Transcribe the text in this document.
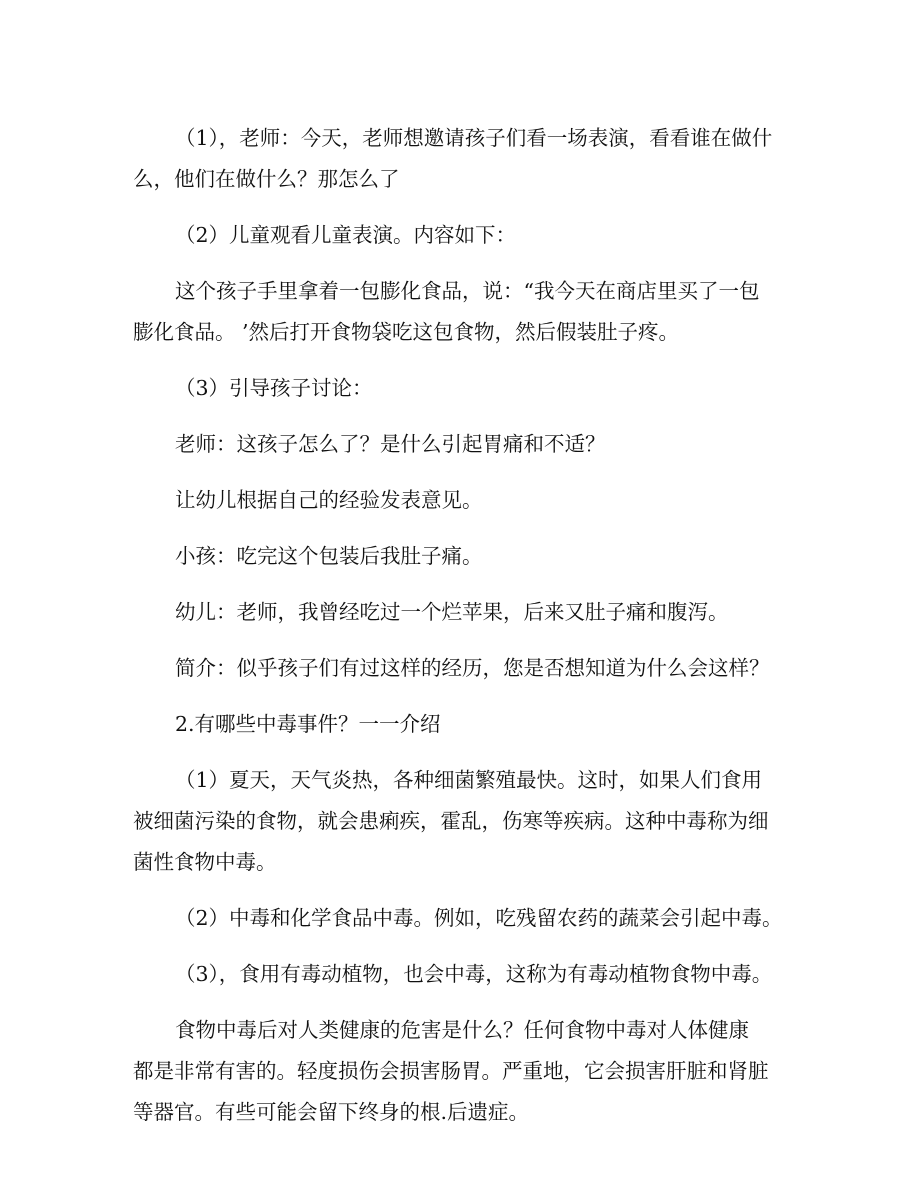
（1），老师：今天，老师想邀请孩子们看一场表演，看看谁在做什
么，他们在做什么？那怎么了

（2）儿童观看儿童表演。内容如下：

这个孩子手里拿着一包膨化食品，说：“我今天在商店里买了一包
膨化食品。 ’然后打开食物袋吃这包食物，然后假装肚子疼。

（3）引导孩子讨论：

老师：这孩子怎么了？是什么引起胃痛和不适？

让幼儿根据自己的经验发表意见。

小孩：吃完这个包装后我肚子痛。

幼儿：老师，我曾经吃过一个烂苹果，后来又肚子痛和腹泻。

简介：似乎孩子们有过这样的经历，您是否想知道为什么会这样？

2.有哪些中毒事件？一一介绍

（1）夏天，天气炎热，各种细菌繁殖最快。这时，如果人们食用
被细菌污染的食物，就会患痢疾，霍乱，伤寒等疾病。这种中毒称为细
菌性食物中毒。

（2）中毒和化学食品中毒。例如，吃残留农药的蔬菜会引起中毒。

（3），食用有毒动植物，也会中毒，这称为有毒动植物食物中毒。

食物中毒后对人类健康的危害是什么？任何食物中毒对人体健康
都是非常有害的。轻度损伤会损害肠胃。严重地，它会损害肝脏和肾脏
等器官。有些可能会留下终身的根.后遗症。
